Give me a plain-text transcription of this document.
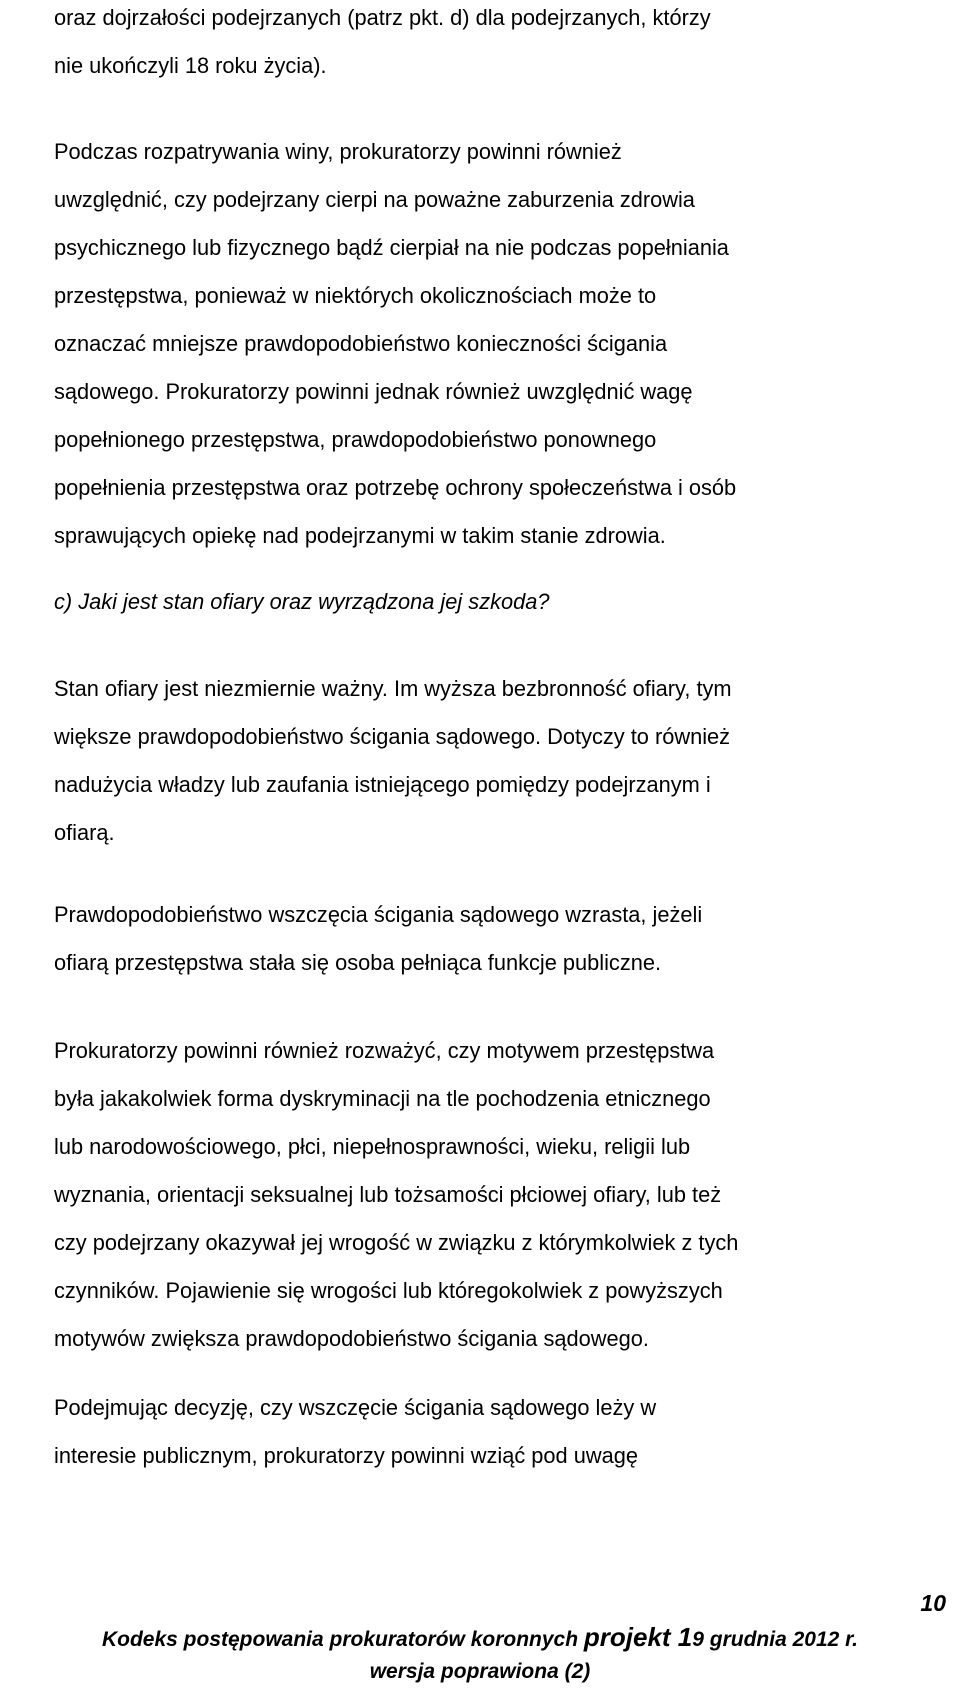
oraz dojrzałości podejrzanych (patrz pkt. d) dla podejrzanych, którzy
nie ukończyli 18 roku życia).

Podczas rozpatrywania winy, prokuratorzy powinni również
uwzględnić, czy podejrzany cierpi na poważne zaburzenia zdrowia
psychicznego lub fizycznego bądź cierpiał na nie podczas popełniania
przestępstwa, ponieważ w niektórych okolicznościach może to
oznaczać mniejsze prawdopodobieństwo konieczności ścigania
sądowego. Prokuratorzy powinni jednak również uwzględnić wagę
popełnionego przestępstwa, prawdopodobieństwo ponownego
popełnienia przestępstwa oraz potrzebę ochrony społeczeństwa i osób
sprawujących opiekę nad podejrzanymi w takim stanie zdrowia.

c) Jaki jest stan ofiary oraz wyrządzona jej szkoda?

Stan ofiary jest niezmiernie ważny. Im wyższa bezbronność ofiary, tym
większe prawdopodobieństwo ścigania sądowego. Dotyczy to również
nadużycia władzy lub zaufania istniejącego pomiędzy podejrzanym i
ofiarą.

Prawdopodobieństwo wszczęcia ścigania sądowego wzrasta, jeżeli
ofiarą przestępstwa stała się osoba pełniąca funkcje publiczne.

Prokuratorzy powinni również rozważyć, czy motywem przestępstwa
była jakakolwiek forma dyskryminacji na tle pochodzenia etnicznego
lub narodowościowego, płci, niepełnosprawności, wieku, religii lub
wyznania, orientacji seksualnej lub tożsamości płciowej ofiary, lub też
czy podejrzany okazywał jej wrogość w związku z którymkolwiek z tych
czynników. Pojawienie się wrogości lub któregokolwiek z powyższych
motywów zwiększa prawdopodobieństwo ścigania sądowego.

Podejmując decyzję, czy wszczęcie ścigania sądowego leży w
interesie publicznym, prokuratorzy powinni wziąć pod uwagę

10
Kodeks postępowania prokuratorów koronnych projekt 19 grudnia 2012 r.
wersja poprawiona (2)
